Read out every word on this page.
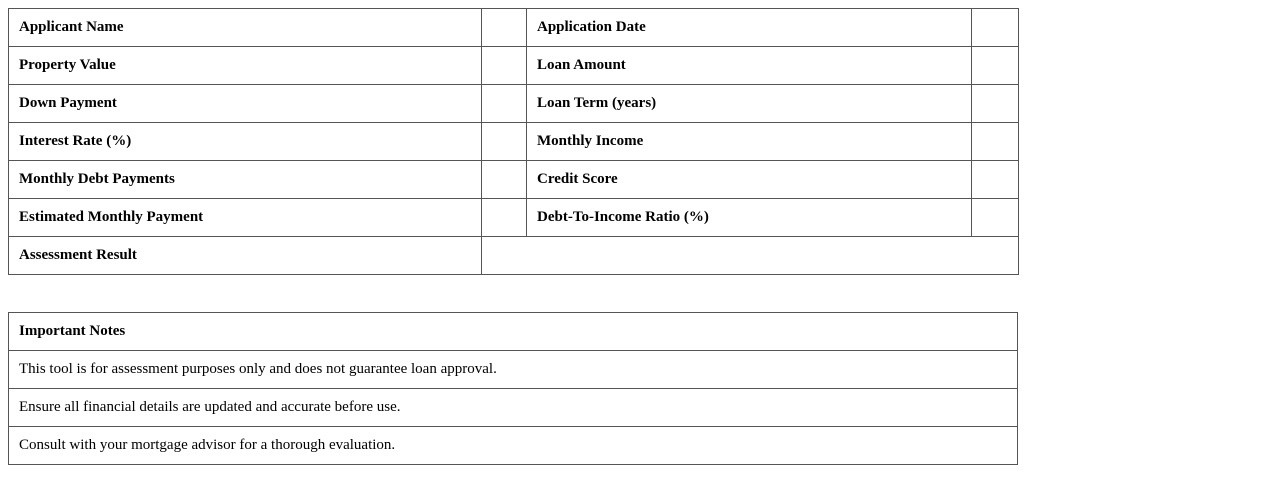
Applicant Name		Application Date	

Property Value		Loan Amount	

Down Payment		Loan Term (years)	

Interest Rate (%)		Monthly Income	

Monthly Debt Payments		Credit Score	

Estimated Monthly Payment		Debt-To-Income Ratio (%)	

Assessment Result			
Important Notes
This tool is for assessment purposes only and does not guarantee loan approval.
Ensure all financial details are updated and accurate before use.
Consult with your mortgage advisor for a thorough evaluation.
